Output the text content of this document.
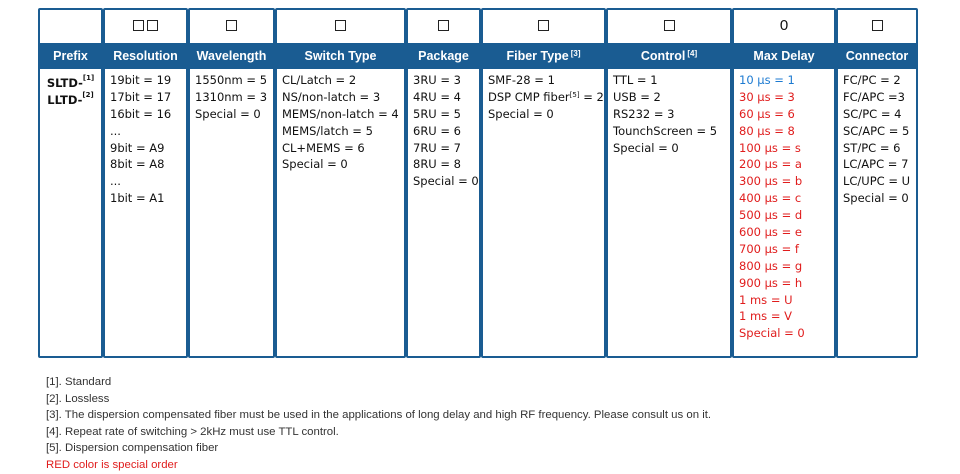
Prefix
SLTD-[1]
LLTD-[2]
Resolution
19bit = 19
17bit = 17
16bit = 16
...
9bit = A9
8bit = A8
...
1bit = A1
Wavelength
1550nm = 5
1310nm = 3
Special = 0
Switch Type
CL/Latch = 2
NS/non-latch = 3
MEMS/non-latch = 4
MEMS/latch = 5
CL+MEMS = 6
Special = 0
Package
3RU = 3
4RU = 4
5RU = 5
6RU = 6
7RU = 7
8RU = 8
Special = 0
Fiber Type [3]
SMF-28 = 1
DSP CMP fiber[5] = 2
Special = 0
Control [4]
TTL = 1
USB = 2
RS232 = 3
TounchScreen = 5
Special = 0
0
Max Delay
10 µs = 1
30 µs = 3
60 µs = 6
80 µs = 8
100 µs = s
200 µs = a
300 µs = b
400 µs = c
500 µs = d
600 µs = e
700 µs = f
800 µs = g
900 µs = h
1 ms = U
1 ms = V
Special = 0
Connector
FC/PC = 2
FC/APC =3
SC/PC = 4
SC/APC = 5
ST/PC = 6
LC/APC = 7
LC/UPC = U
Special = 0
[1]. Standard
[2]. Lossless
[3]. The dispersion compensated fiber must be used in the applications of long delay and high RF frequency. Please consult us on it.
[4]. Repeat rate of switching > 2kHz must use TTL control.
[5]. Dispersion compensation fiber
RED color is special order
